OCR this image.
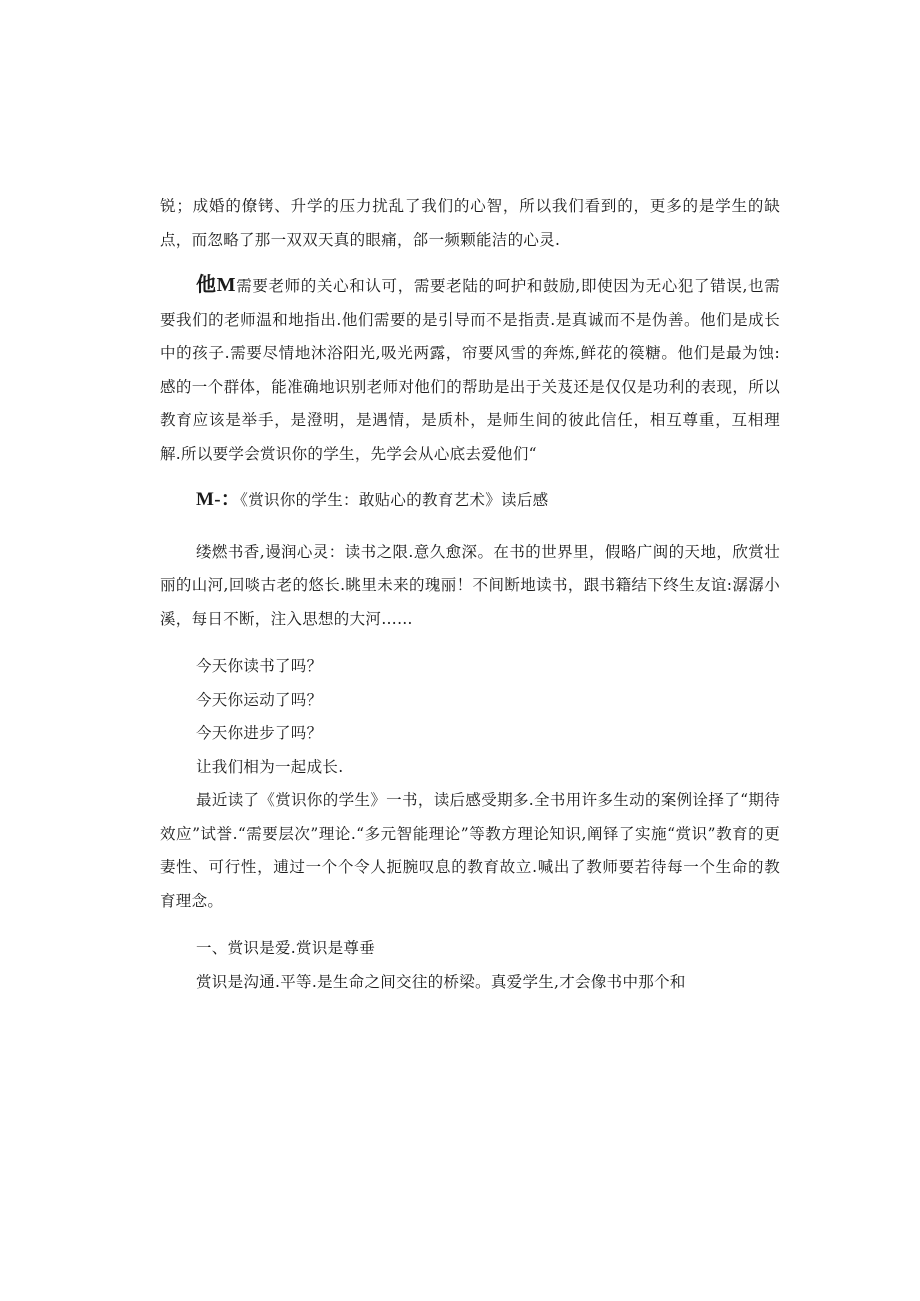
锐；成婚的僚铐、升学的压力扰乱了我们的心智，所以我们看到的，更多的是学生的缺点，而忽略了那一双双天真的眼痛，郃一频颗能洁的心灵.

他M需要老师的关心和认可，需要老陆的呵护和鼓励,即使因为无心犯了错误,也需要我们的老师温和地指出.他们需要的是引导而不是指责.是真诚而不是伪善。他们是成长中的孩子.需要尽情地沐浴阳光,吸光两露，帘要风雪的奔炼,鲜花的篌糖。他们是最为蚀:感的一个群体，能准确地识别老师对他们的帮助是出于关芨还是仅仅是功利的表现，所以教育应该是举手，是澄明，是遇情，是质朴，是师生间的彼此信任，相互尊重，互相理解.所以要学会赏识你的学生，先学会从心底去爱他们“

M-：《赏识你的学生：敢贴心的教育艺术》读后感

缕燃书香,谩润心灵：读书之限.意久愈深。在书的世界里，假略广闽的天地，欣赏壮丽的山河,回啖古老的悠长.眺里未来的瑰丽！不间断地读书，跟书籍结下终生友谊:潺潺小溪，每日不断，注入思想的大河……

今天你读书了吗？

今天你运动了吗？

今天你进步了吗？

让我们相为一起成长.

最近读了《赏识你的学生》一书，读后感受期多.全书用许多生动的案例诠择了“期待效应”试誉.“需要层次”理论.“多元智能理论”等教方理论知识,阐铎了实施“赏识”教育的更妻性、可行性，逋过一个个令人扼腕叹息的教育故立.喊出了教师要若待每一个生命的教育理念。

一、赏识是爱.赏识是尊垂

赏识是沟通.平等.是生命之间交往的桥梁。真爱学生,才会像书中那个和
